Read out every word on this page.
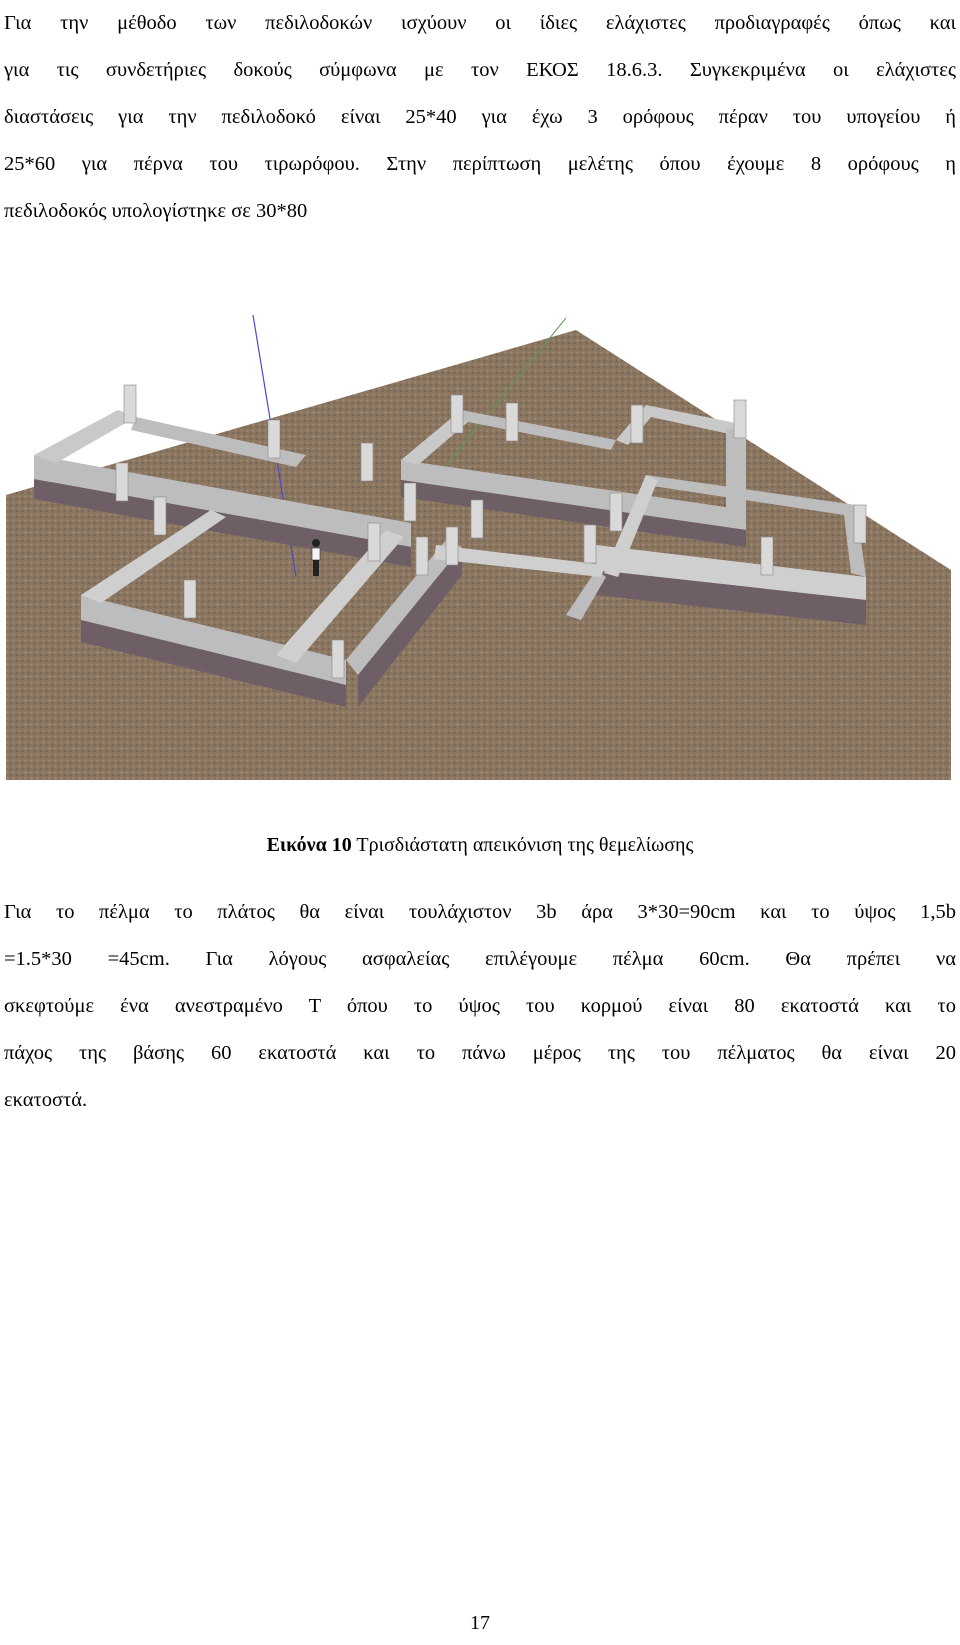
Για την μέθοδο των πεδιλοδοκών ισχύουν οι ίδιες ελάχιστες προδιαγραφές όπως και
για τις συνδετήριες δοκούς σύμφωνα με τον ΕΚΟΣ 18.6.3. Συγκεκριμένα οι ελάχιστες
διαστάσεις για την πεδιλοδοκό είναι 25*40 για έχω 3 ορόφους πέραν του υπογείου ή
25*60 για πέρνα του τιρωρόφου. Στην περίπτωση μελέτης όπου έχουμε 8 ορόφους η
πεδιλοδοκός υπολογίστηκε σε 30*80
Εικόνα 10 Τρισδιάστατη απεικόνιση της θεμελίωσης
Για το πέλμα το πλάτος θα είναι τουλάχιστον 3b άρα 3*30=90cm και το ύψος 1,5b
=1.5*30 =45cm. Για λόγους ασφαλείας επιλέγουμε πέλμα 60cm. Θα πρέπει να
σκεφτούμε ένα ανεστραμένο Τ όπου το ύψος του κορμού είναι 80 εκατοστά και το
πάχος της βάσης 60 εκατοστά και το πάνω μέρος της του πέλματος θα είναι 20
εκατοστά.
17
